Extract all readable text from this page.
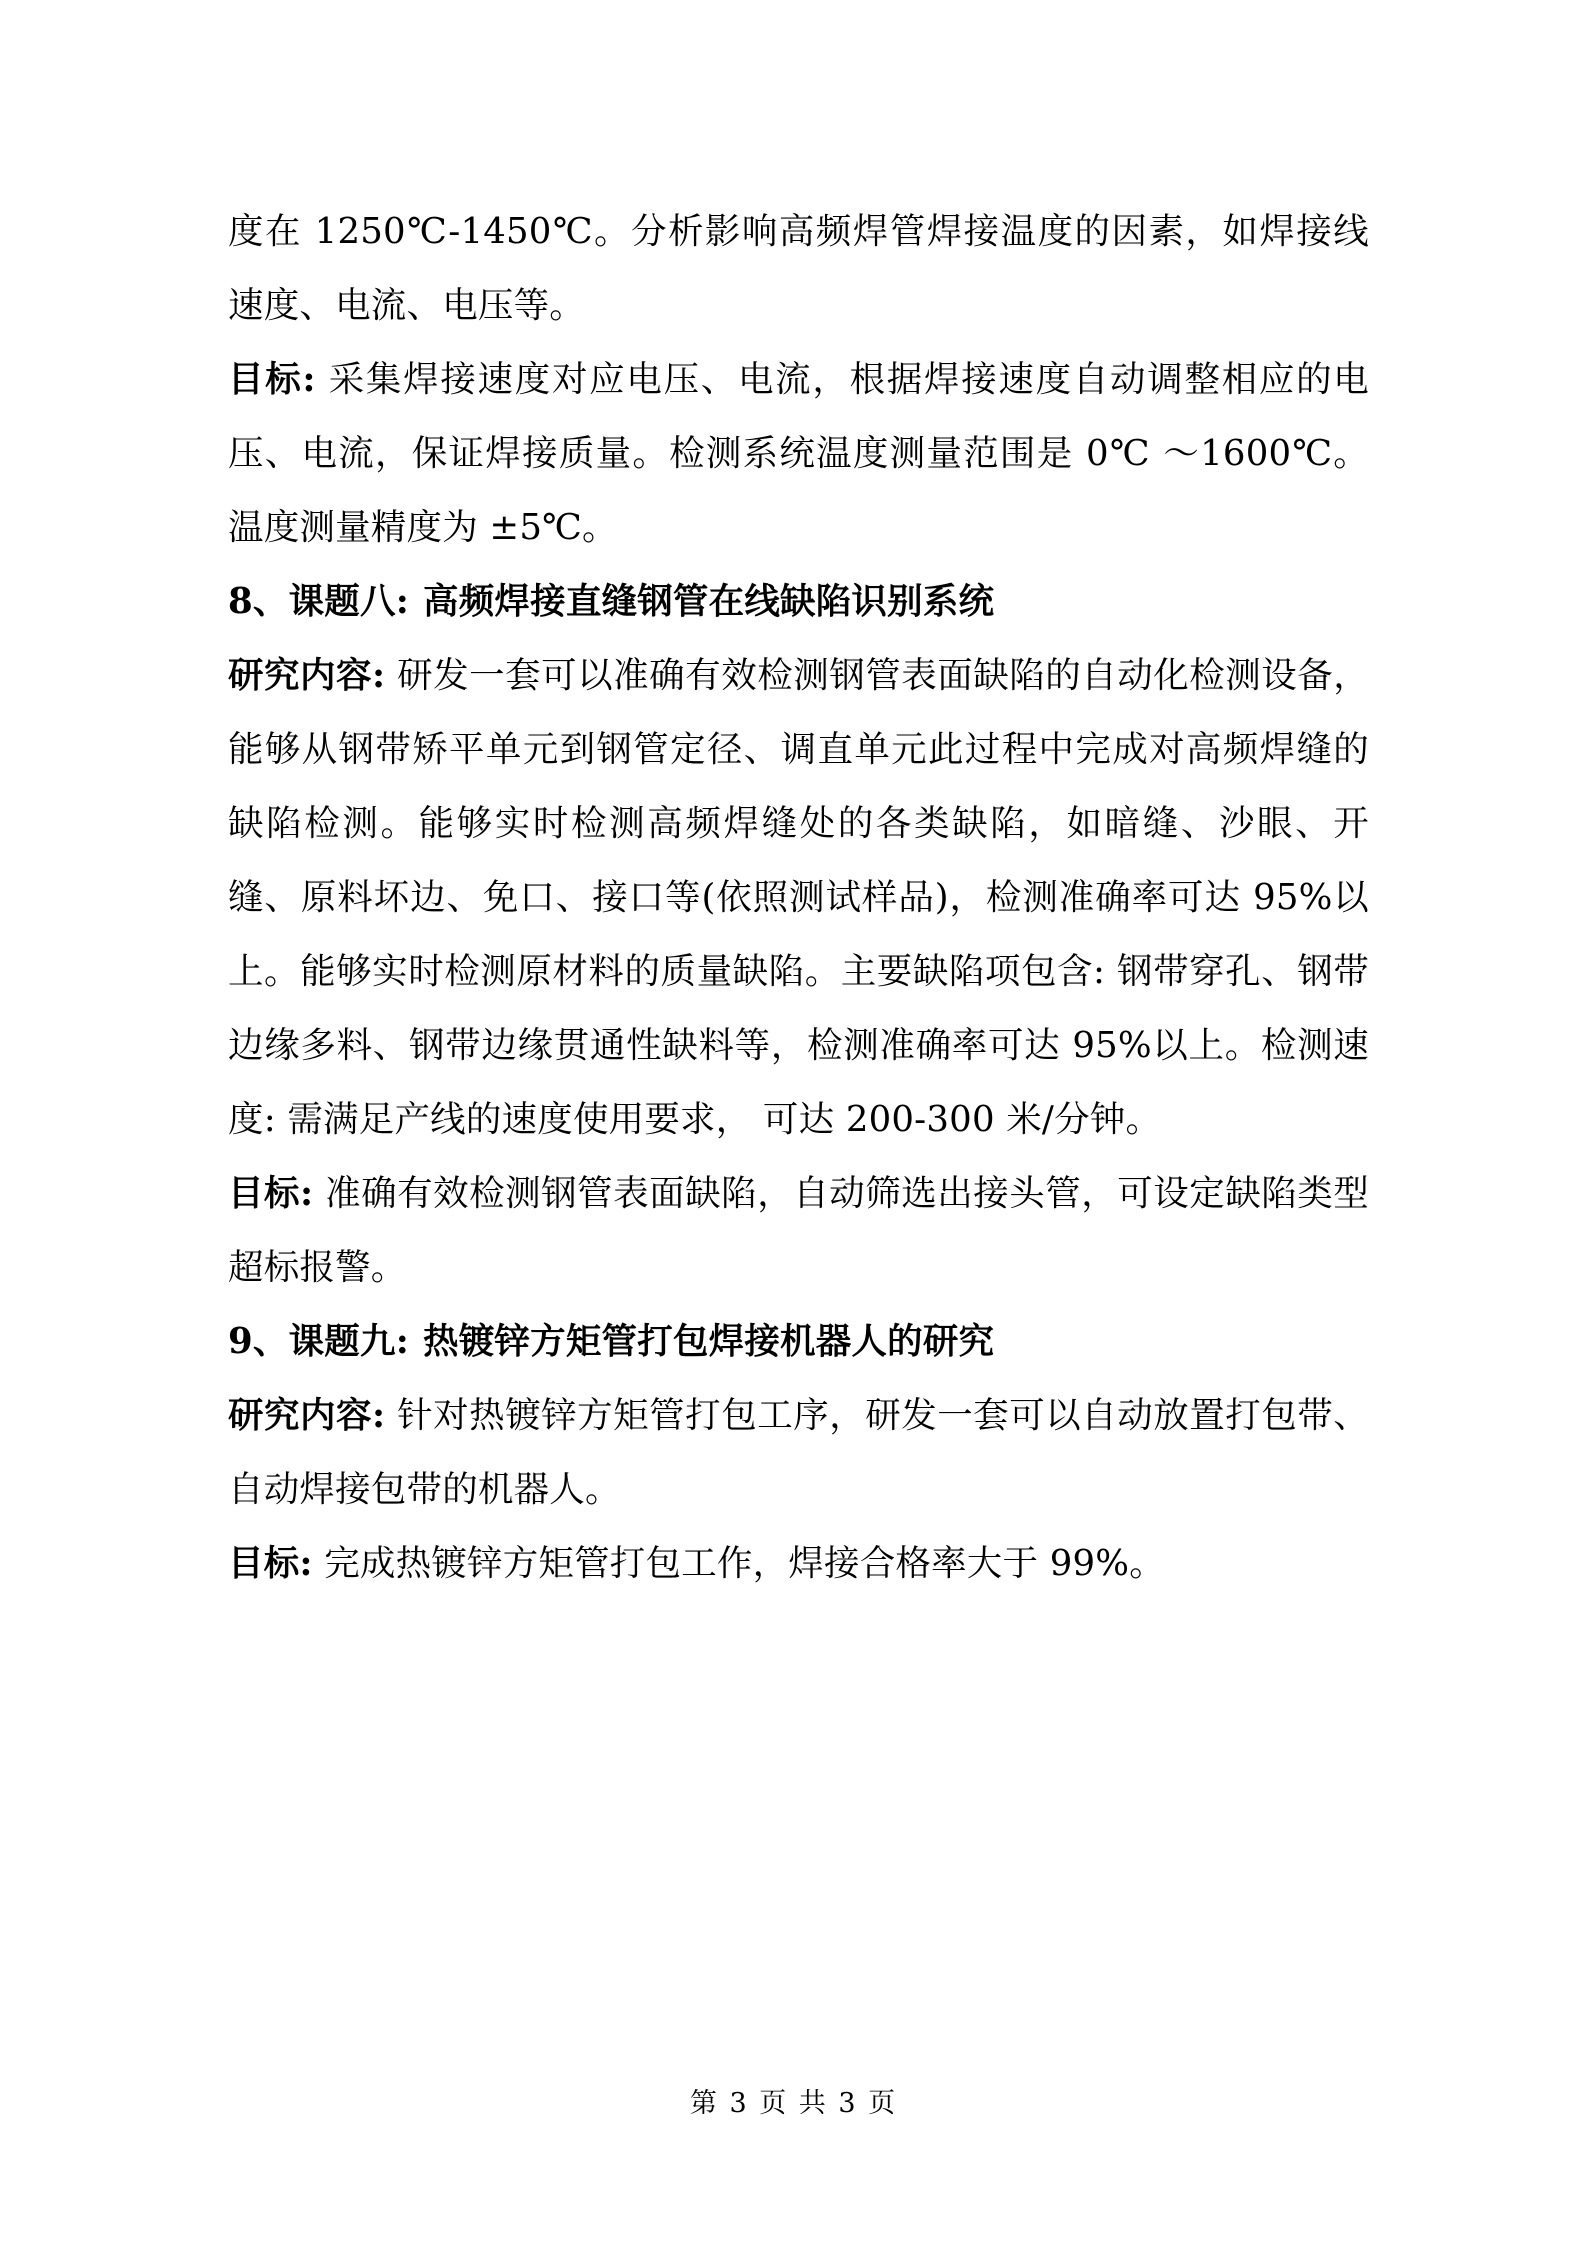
度在 1250℃-1450℃。分析影响高频焊管焊接温度的因素，如焊接线速度、电流、电压等。

目标: 采集焊接速度对应电压、电流，根据焊接速度自动调整相应的电压、电流，保证焊接质量。检测系统温度测量范围是 0℃ ～1600℃。温度测量精度为 ±5℃。

8、课题八: 高频焊接直缝钢管在线缺陷识别系统

研究内容: 研发一套可以准确有效检测钢管表面缺陷的自动化检测设备，能够从钢带矫平单元到钢管定径、调直单元此过程中完成对高频焊缝的缺陷检测。能够实时检测高频焊缝处的各类缺陷，如暗缝、沙眼、开缝、原料坏边、免口、接口等(依照测试样品)，检测准确率可达 95%以上。能够实时检测原材料的质量缺陷。主要缺陷项包含: 钢带穿孔、钢带边缘多料、钢带边缘贯通性缺料等，检测准确率可达 95%以上。检测速度: 需满足产线的速度使用要求， 可达 200-300 米/分钟。

目标: 准确有效检测钢管表面缺陷，自动筛选出接头管，可设定缺陷类型超标报警。

9、课题九: 热镀锌方矩管打包焊接机器人的研究

研究内容: 针对热镀锌方矩管打包工序，研发一套可以自动放置打包带、自动焊接包带的机器人。

目标: 完成热镀锌方矩管打包工作，焊接合格率大于 99%。

第 3 页 共 3 页
